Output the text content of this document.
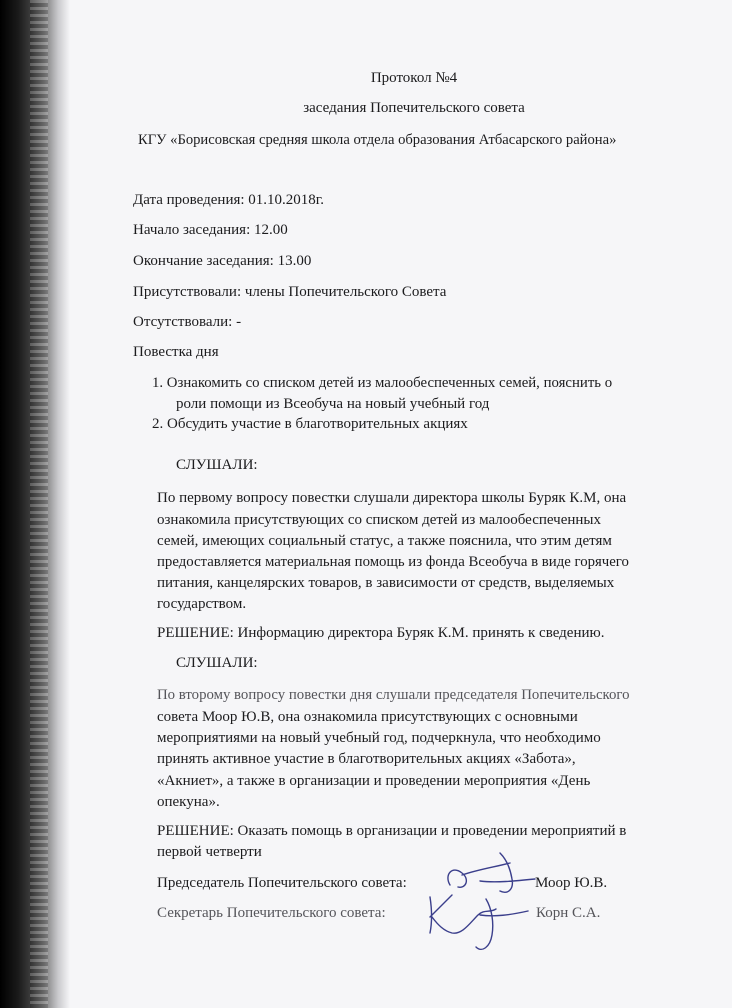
Протокол №4
заседания Попечительского совета
КГУ «Борисовская средняя школа отдела образования Атбасарского района»
Дата проведения: 01.10.2018г.
Начало заседания: 12.00
Окончание заседания: 13.00
Присутствовали: члены Попечительского Совета
Отсутствовали: -
Повестка дня
1. Ознакомить со списком детей из малообеспеченных семей, пояснить о
роли помощи из Всеобуча на новый учебный год
2. Обсудить участие в благотворительных акциях
СЛУШАЛИ:
По первому вопросу повестки слушали директора школы Буряк К.М, она
ознакомила присутствующих со списком детей из малообеспеченных
семей, имеющих социальный статус, а также пояснила, что этим детям
предоставляется материальная помощь из фонда Всеобуча в виде горячего
питания, канцелярских товаров, в зависимости от средств, выделяемых
государством.
РЕШЕНИЕ: Информацию директора Буряк К.М. принять к сведению.
СЛУШАЛИ:
По второму вопросу повестки дня слушали председателя Попечительского
совета Моор Ю.В, она ознакомила присутствующих с основными
мероприятиями на новый учебный год, подчеркнула, что необходимо
принять активное участие в благотворительных акциях «Забота»,
«Акниет», а также в организации и проведении мероприятия «День
опекуна».
РЕШЕНИЕ: Оказать помощь в организации и проведении мероприятий в
первой четверти
Председатель Попечительского совета:	Моор Ю.В.
Секретарь Попечительского совета:	Корн С.А.
